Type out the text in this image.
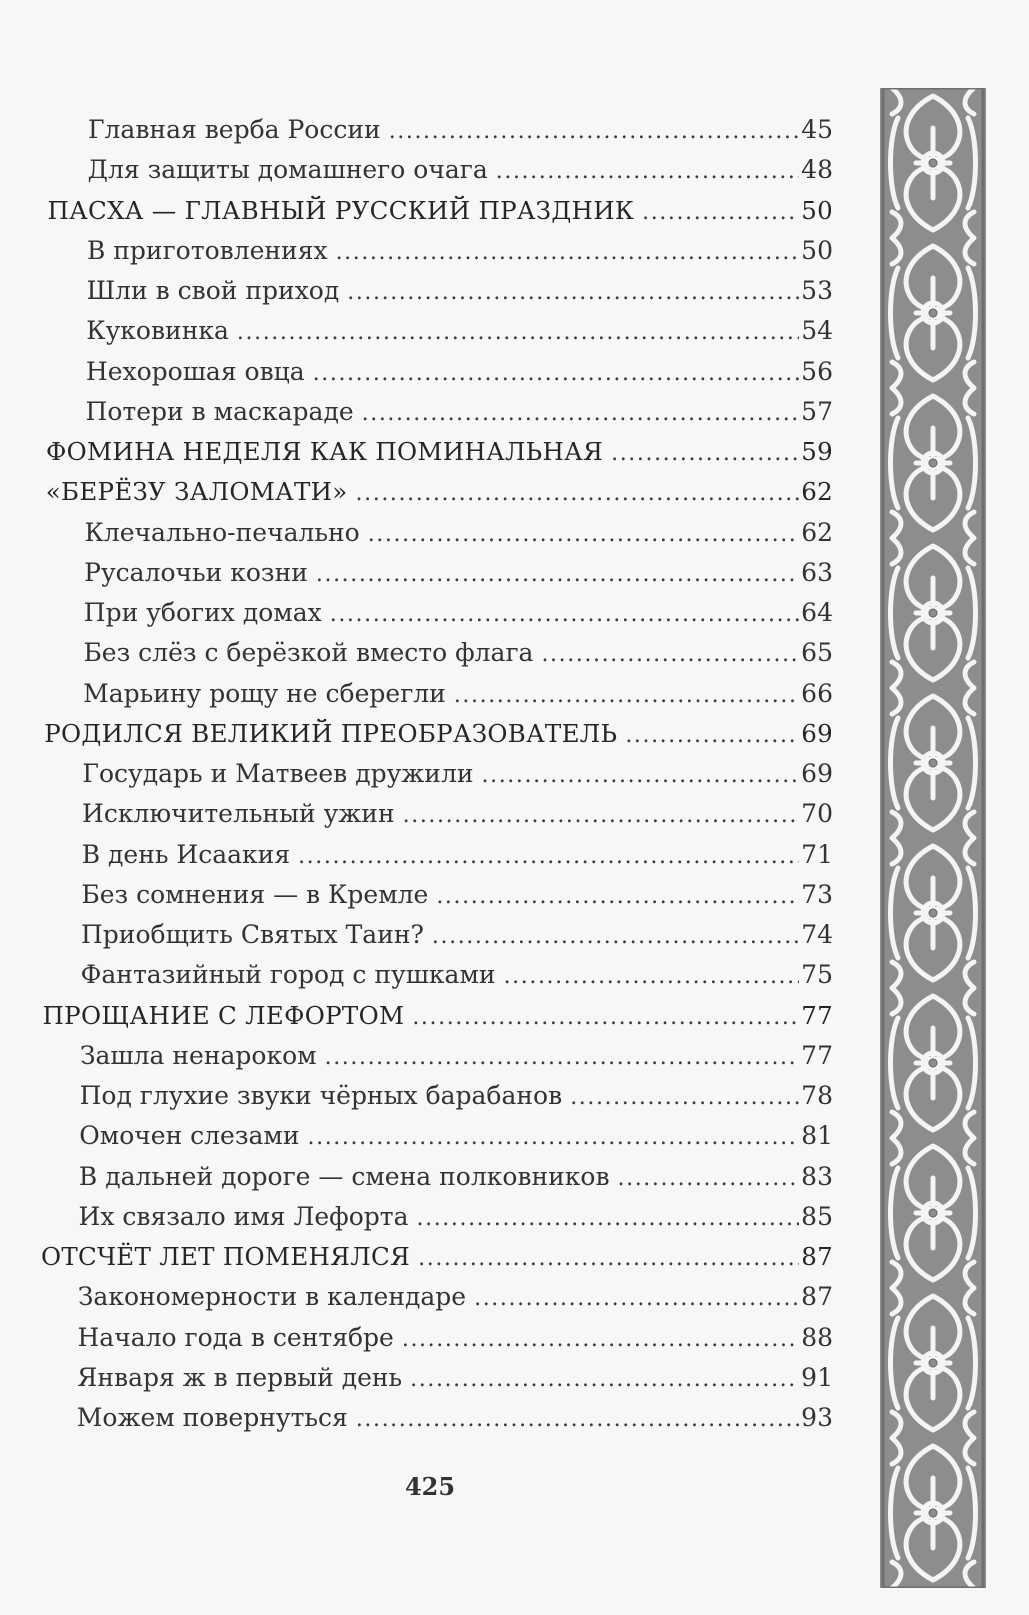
Главная верба России .....	45
Для защиты домашнего очага .....	48
ПАСХА — ГЛАВНЫЙ РУССКИЙ ПРАЗДНИК .....	50
В приготовлениях .....	50
Шли в свой приход .....	53
Куковинка .....	54
Нехорошая овца .....	56
Потери в маскараде .....	57
ФОМИНА НЕДЕЛЯ КАК ПОМИНАЛЬНАЯ .....	59
«БЕРЁЗУ ЗАЛОМАТИ» .....	62
Клечально-печально .....	62
Русалочьи козни .....	63
При убогих домах .....	64
Без слёз с берёзкой вместо флага .....	65
Марьину рощу не сберегли .....	66
РОДИЛСЯ ВЕЛИКИЙ ПРЕОБРАЗОВАТЕЛЬ .....	69
Государь и Матвеев дружили .....	69
Исключительный ужин .....	70
В день Исаакия .....	71
Без сомнения — в Кремле .....	73
Приобщить Святых Таин? .....	74
Фантазийный город с пушками .....	75
ПРОЩАНИЕ С ЛЕФОРТОМ .....	77
Зашла ненароком .....	77
Под глухие звуки чёрных барабанов .....	78
Омочен слезами .....	81
В дальней дороге — смена полковников .....	83
Их связало имя Лефорта .....	85
ОТСЧЁТ ЛЕТ ПОМЕНЯЛСЯ .....	87
Закономерности в календаре .....	87
Начало года в сентябре .....	88
Января ж в первый день .....	91
Можем повернуться .....	93
425
